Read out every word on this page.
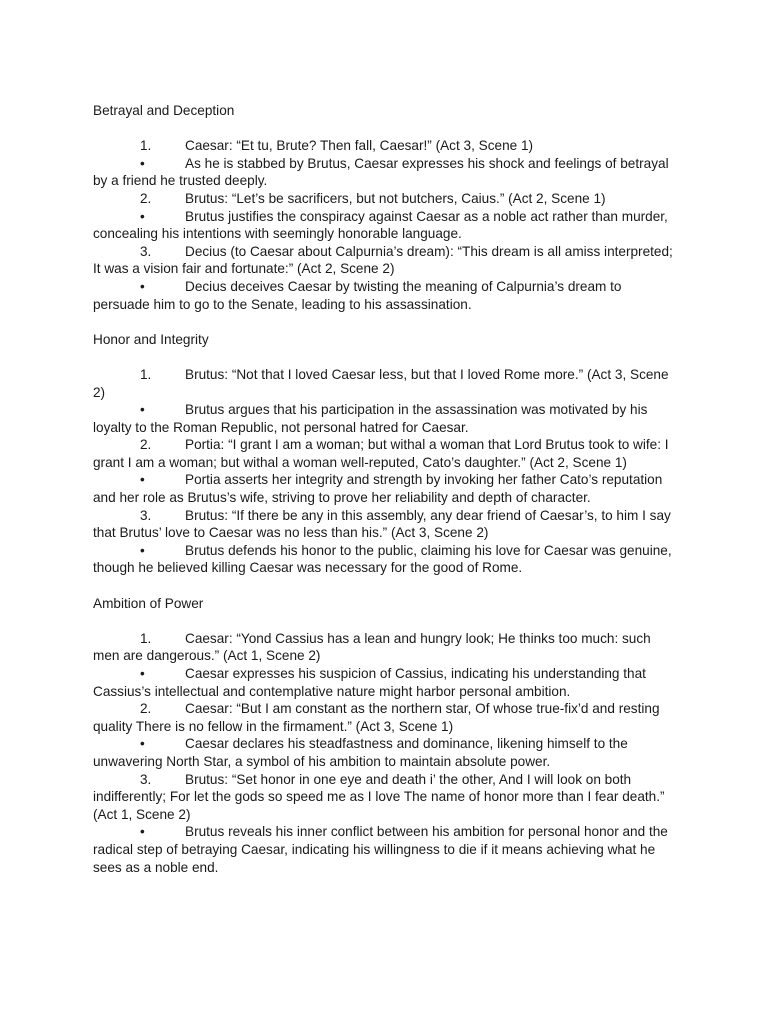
Betrayal and Deception

1. Caesar: “Et tu, Brute? Then fall, Caesar!” (Act 3, Scene 1)

•	As he is stabbed by Brutus, Caesar expresses his shock and feelings of betrayal by a friend he trusted deeply.

2. Brutus: “Let’s be sacrificers, but not butchers, Caius.” (Act 2, Scene 1)

•	Brutus justifies the conspiracy against Caesar as a noble act rather than murder, concealing his intentions with seemingly honorable language.

3. Decius (to Caesar about Calpurnia’s dream): “This dream is all amiss interpreted; It was a vision fair and fortunate:” (Act 2, Scene 2)

•	Decius deceives Caesar by twisting the meaning of Calpurnia’s dream to persuade him to go to the Senate, leading to his assassination.

Honor and Integrity

1. Brutus: “Not that I loved Caesar less, but that I loved Rome more.” (Act 3, Scene 2)

•	Brutus argues that his participation in the assassination was motivated by his loyalty to the Roman Republic, not personal hatred for Caesar.

2. Portia: “I grant I am a woman; but withal a woman that Lord Brutus took to wife: I grant I am a woman; but withal a woman well-reputed, Cato’s daughter.” (Act 2, Scene 1)

•	Portia asserts her integrity and strength by invoking her father Cato’s reputation and her role as Brutus’s wife, striving to prove her reliability and depth of character.

3. Brutus: “If there be any in this assembly, any dear friend of Caesar’s, to him I say that Brutus’ love to Caesar was no less than his.” (Act 3, Scene 2)

•	Brutus defends his honor to the public, claiming his love for Caesar was genuine, though he believed killing Caesar was necessary for the good of Rome.

Ambition of Power

1. Caesar: “Yond Cassius has a lean and hungry look; He thinks too much: such men are dangerous.” (Act 1, Scene 2)

•	Caesar expresses his suspicion of Cassius, indicating his understanding that Cassius’s intellectual and contemplative nature might harbor personal ambition.

2. Caesar: “But I am constant as the northern star, Of whose true-fix’d and resting quality There is no fellow in the firmament.” (Act 3, Scene 1)

•	Caesar declares his steadfastness and dominance, likening himself to the unwavering North Star, a symbol of his ambition to maintain absolute power.

3. Brutus: “Set honor in one eye and death i’ the other, And I will look on both indifferently; For let the gods so speed me as I love The name of honor more than I fear death.” (Act 1, Scene 2)

•	Brutus reveals his inner conflict between his ambition for personal honor and the radical step of betraying Caesar, indicating his willingness to die if it means achieving what he sees as a noble end.
